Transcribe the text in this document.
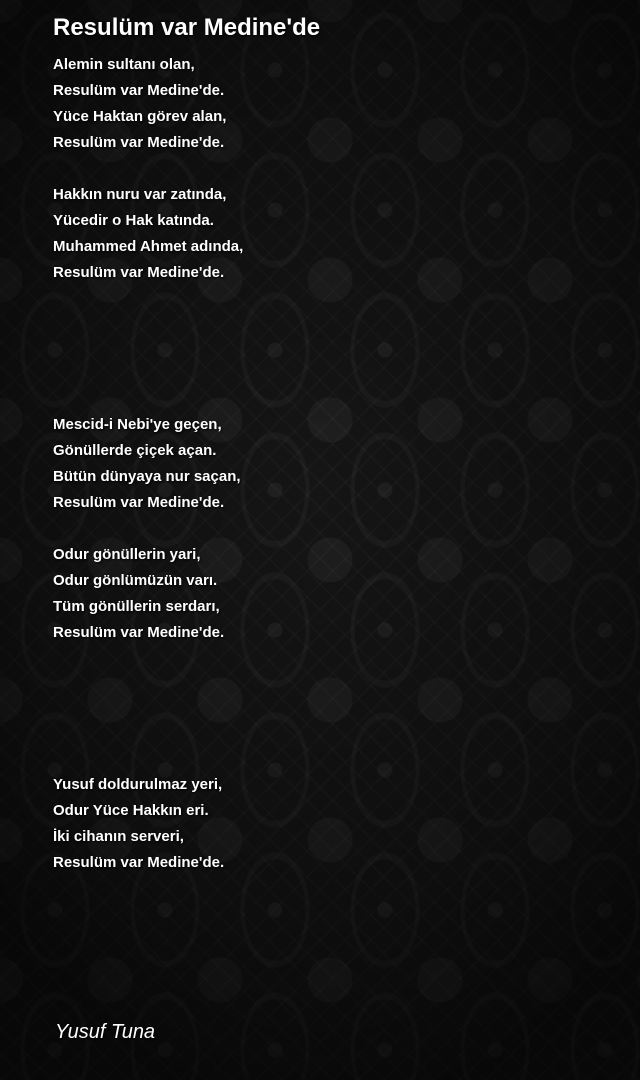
Resulüm var Medine'de
Alemin sultanı olan,
Resulüm var Medine'de.
Yüce Haktan görev alan,
Resulüm var Medine'de.
Hakkın nuru var zatında,
Yücedir o Hak katında.
Muhammed Ahmet adında,
Resulüm var Medine'de.
Mescid-i Nebi'ye geçen,
Gönüllerde çiçek açan.
Bütün dünyaya nur saçan,
Resulüm var Medine'de.
Odur gönüllerin yari,
Odur gönlümüzün varı.
Tüm gönüllerin serdarı,
Resulüm var Medine'de.
Yusuf doldurulmaz yeri,
Odur Yüce Hakkın eri.
İki cihanın serveri,
Resulüm var Medine'de.
Yusuf Tuna
